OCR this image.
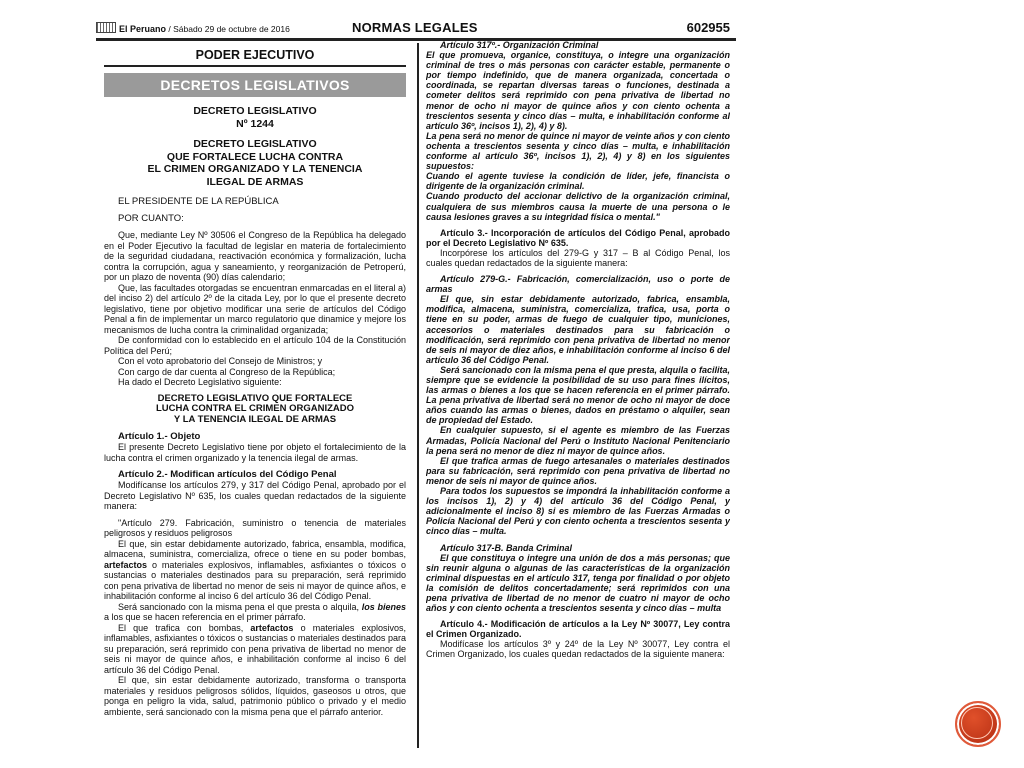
El Peruano / Sábado 29 de octubre de 2016	NORMAS LEGALES	602955
PODER EJECUTIVO
DECRETOS LEGISLATIVOS

DECRETO LEGISLATIVO

Nº 1244

DECRETO LEGISLATIVO

QUE FORTALECE LUCHA CONTRA

EL CRIMEN ORGANIZADO Y LA TENENCIA

ILEGAL DE ARMAS

EL PRESIDENTE DE LA REPÚBLICA

POR CUANTO:

Que, mediante Ley Nº 30506 el Congreso de la República ha delegado en el Poder Ejecutivo la facultad de legislar en materia de fortalecimiento de la seguridad ciudadana, reactivación económica y formalización, lucha contra la corrupción, agua y saneamiento, y reorganización de Petroperú, por un plazo de noventa (90) días calendario;

Que, las facultades otorgadas se encuentran enmarcadas en el literal a) del inciso 2) del artículo 2º de la citada Ley, por lo que el presente decreto legislativo, tiene por objetivo modificar una serie de artículos del Código Penal a fin de implementar un marco regulatorio que dinamice y mejore los mecanismos de lucha contra la criminalidad organizada;

De conformidad con lo establecido en el artículo 104 de la Constitución Política del Perú;

Con el voto aprobatorio del Consejo de Ministros; y

Con cargo de dar cuenta al Congreso de la República;

Ha dado el Decreto Legislativo siguiente:

DECRETO LEGISLATIVO QUE FORTALECE
LUCHA CONTRA EL CRIMEN ORGANIZADO
Y LA TENENCIA ILEGAL DE ARMAS

Artículo 1.- Objeto

El presente Decreto Legislativo tiene por objeto el fortalecimiento de la lucha contra el crimen organizado y la tenencia ilegal de armas.

Artículo 2.- Modifican artículos del Código Penal

Modifícanse los artículos 279, y 317 del Código Penal, aprobado por el Decreto Legislativo Nº 635, los cuales quedan redactados de la siguiente manera:

"Artículo 279. Fabricación, suministro o tenencia de materiales peligrosos y residuos peligrosos

El que, sin estar debidamente autorizado, fabrica, ensambla, modifica, almacena, suministra, comercializa, ofrece o tiene en su poder bombas, artefactos o materiales explosivos, inflamables, asfixiantes o tóxicos o sustancias o materiales destinados para su preparación, será reprimido con pena privativa de libertad no menor de seis ni mayor de quince años, e inhabilitación conforme al inciso 6 del artículo 36 del Código Penal.

Será sancionado con la misma pena el que presta o alquila, los bienes a los que se hacen referencia en el primer párrafo.

El que trafica con bombas, artefactos o materiales explosivos, inflamables, asfixiantes o tóxicos o sustancias o materiales destinados para su preparación, será reprimido con pena privativa de libertad no menor de seis ni mayor de quince años, e inhabilitación conforme al inciso 6 del artículo 36 del Código Penal.

El que, sin estar debidamente autorizado, transforma o transporta materiales y residuos peligrosos sólidos, líquidos, gaseosos u otros, que ponga en peligro la vida, salud, patrimonio público o privado y el medio ambiente, será sancionado con la misma pena que el párrafo anterior.

Artículo 317º.- Organización Criminal

El que promueva, organice, constituya, o integre una organización criminal de tres o más personas con carácter estable, permanente o por tiempo indefinido, que de manera organizada, concertada o coordinada, se repartan diversas tareas o funciones, destinada a cometer delitos será reprimido con pena privativa de libertad no menor de ocho ni mayor de quince años y con ciento ochenta a trescientos sesenta y cinco días – multa, e inhabilitación conforme al artículo 36º, incisos 1), 2), 4) y 8).

La pena será no menor de quince ni mayor de veinte años y con ciento ochenta a trescientos sesenta y cinco días – multa, e inhabilitación conforme al artículo 36º, incisos 1), 2), 4) y 8) en los siguientes supuestos:

Cuando el agente tuviese la condición de líder, jefe, financista o dirigente de la organización criminal.

Cuando producto del accionar delictivo de la organización criminal, cualquiera de sus miembros causa la muerte de una persona o le causa lesiones graves a su integridad física o mental."

Artículo 3.- Incorporación de artículos del Código Penal, aprobado por el Decreto Legislativo Nº 635.

Incorpórese los artículos del 279-G y 317 – B al Código Penal, los cuales quedan redactados de la siguiente manera:

Artículo 279-G.- Fabricación, comercialización, uso o porte de armas

El que, sin estar debidamente autorizado, fabrica, ensambla, modifica, almacena, suministra, comercializa, trafica, usa, porta o tiene en su poder, armas de fuego de cualquier tipo, municiones, accesorios o materiales destinados para su fabricación o modificación, será reprimido con pena privativa de libertad no menor de seis ni mayor de diez años, e inhabilitación conforme al inciso 6 del artículo 36 del Código Penal.

Será sancionado con la misma pena el que presta, alquila o facilita, siempre que se evidencie la posibilidad de su uso para fines ilícitos, las armas o bienes a los que se hacen referencia en el primer párrafo. La pena privativa de libertad será no menor de ocho ni mayor de doce años cuando las armas o bienes, dados en préstamo o alquiler, sean de propiedad del Estado.

En cualquier supuesto, si el agente es miembro de las Fuerzas Armadas, Policía Nacional del Perú o Instituto Nacional Penitenciario la pena será no menor de diez ni mayor de quince años.

El que trafica armas de fuego artesanales o materiales destinados para su fabricación, será reprimido con pena privativa de libertad no menor de seis ni mayor de quince años.

Para todos los supuestos se impondrá la inhabilitación conforme a los incisos 1), 2) y 4) del artículo 36 del Código Penal, y adicionalmente el inciso 8) si es miembro de las Fuerzas Armadas o Policía Nacional del Perú y con ciento ochenta a trescientos sesenta y cinco días – multa.

Artículo 317-B. Banda Criminal

El que constituya o integre una unión de dos a más personas; que sin reunir alguna o algunas de las características de la organización criminal dispuestas en el artículo 317, tenga por finalidad o por objeto la comisión de delitos concertadamente; será reprimidos con una pena privativa de libertad de no menor de cuatro ni mayor de ocho años y con ciento ochenta a trescientos sesenta y cinco días – multa

Artículo 4.- Modificación de artículos a la Ley Nº 30077, Ley contra el Crimen Organizado.

Modifícase los artículos 3º y 24º de la Ley Nº 30077, Ley contra el Crimen Organizado, los cuales quedan redactados de la siguiente manera:
